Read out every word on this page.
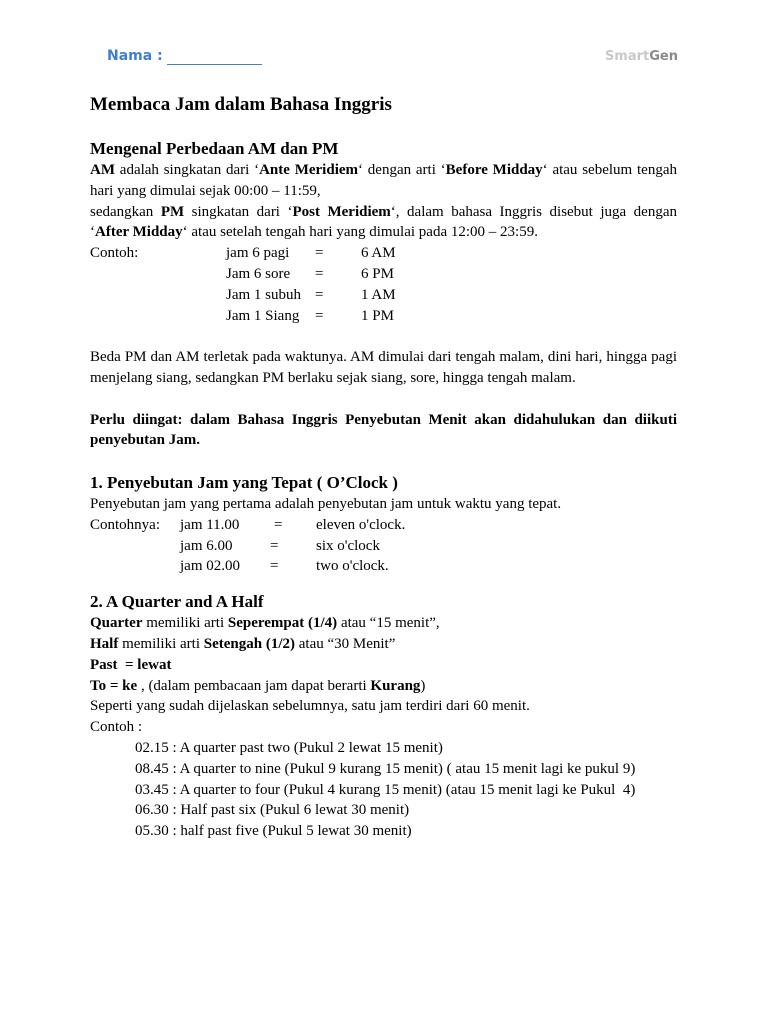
Nama :	SmartGen
Membaca Jam dalam Bahasa Inggris
Mengenal Perbedaan AM dan PM

AM adalah singkatan dari ‘Ante Meridiem‘ dengan arti ‘Before Midday‘ atau sebelum tengah hari yang dimulai sejak 00:00 – 11:59,

sedangkan PM singkatan dari ‘Post Meridiem‘, dalam bahasa Inggris disebut juga dengan ‘After Midday‘ atau setelah tengah hari yang dimulai pada 12:00 – 23:59.

Contoh:	jam 6 pagi =	6 AM
Jam 6 sore =	6 PM
Jam 1 subuh =	1 AM
Jam 1 Siang =	1 PM

Beda PM dan AM terletak pada waktunya. AM dimulai dari tengah malam, dini hari, hingga pagi menjelang siang, sedangkan PM berlaku sejak siang, sore, hingga tengah malam.

Perlu diingat: dalam Bahasa Inggris Penyebutan Menit akan didahulukan dan diikuti penyebutan Jam.

1. Penyebutan Jam yang Tepat ( O’Clock )

Penyebutan jam yang pertama adalah penyebutan jam untuk waktu yang tepat.

Contohnya: jam 11.00 = eleven o'clock.
jam 6.00	=	six o'clock
jam 02.00 =	two o'clock.
2. A Quarter and A Half

Quarter memiliki arti Seperempat (1/4) atau “15 menit”,

Half memiliki arti Setengah (1/2) atau “30 Menit”

Past  = lewat

To = ke , (dalam pembacaan jam dapat berarti Kurang)

Seperti yang sudah dijelaskan sebelumnya, satu jam terdiri dari 60 menit.

Contoh :

02.15 : A quarter past two (Pukul 2 lewat 15 menit)
08.45 : A quarter to nine (Pukul 9 kurang 15 menit) ( atau 15 menit lagi ke pukul 9)
03.45 : A quarter to four (Pukul 4 kurang 15 menit) (atau 15 menit lagi ke Pukul  4)
06.30 : Half past six (Pukul 6 lewat 30 menit)
05.30 : half past five (Pukul 5 lewat 30 menit)
